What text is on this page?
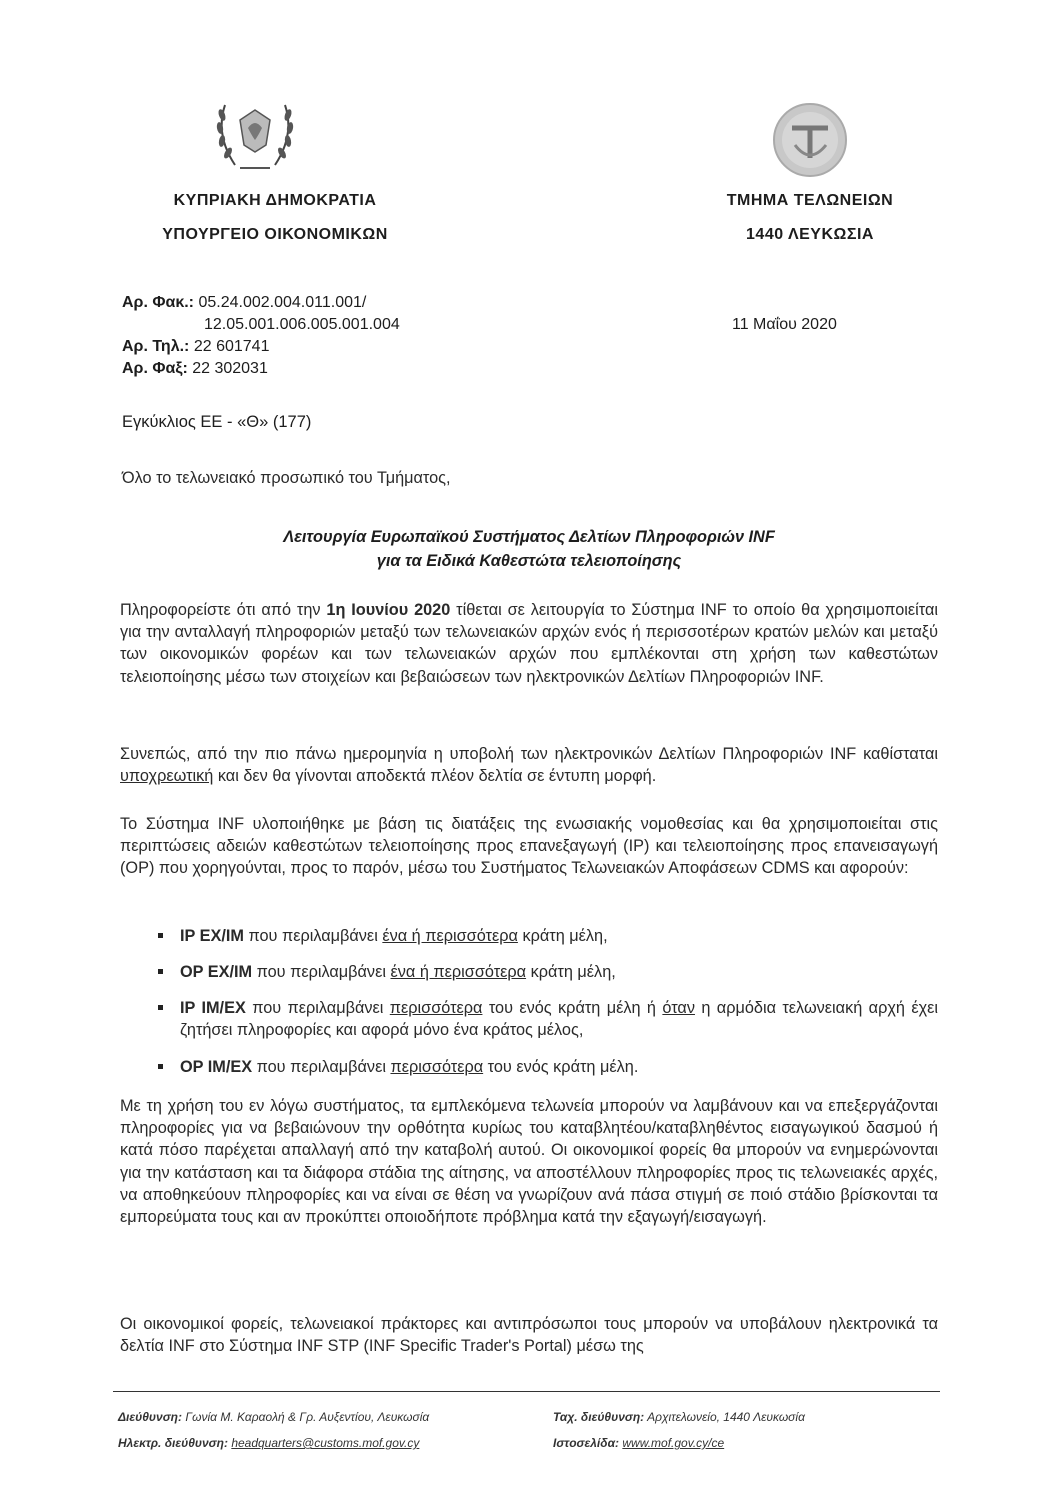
ΚΥΠΡΙΑΚΗ ΔΗΜΟΚΡΑΤΙΑ
ΥΠΟΥΡΓΕΙΟ ΟΙΚΟΝΟΜΙΚΩΝ
ΤΜΗΜΑ ΤΕΛΩΝΕΙΩΝ
1440 ΛΕΥΚΩΣΙΑ
Αρ. Φακ.: 05.24.002.004.011.001/
12.05.001.006.005.001.004
Αρ. Τηλ.: 22 601741
Αρ. Φαξ: 22 302031
11 Μαΐου 2020
Εγκύκλιος ΕΕ - «Θ» (177)
Όλο το τελωνειακό προσωπικό του Τμήματος,
Λειτουργία Ευρωπαϊκού Συστήματος Δελτίων Πληροφοριών INF
για τα Ειδικά Καθεστώτα τελειοποίησης

Πληροφορείστε ότι από την 1η Ιουνίου 2020 τίθεται σε λειτουργία το Σύστημα INF το οποίο θα χρησιμοποιείται για την ανταλλαγή πληροφοριών μεταξύ των τελωνειακών αρχών ενός ή περισσοτέρων κρατών μελών και μεταξύ των οικονομικών φορέων και των τελωνειακών αρχών που εμπλέκονται στη χρήση των καθεστώτων τελειοποίησης μέσω των στοιχείων και βεβαιώσεων των ηλεκτρονικών Δελτίων Πληροφοριών INF.

Συνεπώς, από την πιο πάνω ημερομηνία η υποβολή των ηλεκτρονικών Δελτίων Πληροφοριών INF καθίσταται υποχρεωτική και δεν θα γίνονται αποδεκτά πλέον δελτία σε έντυπη μορφή.

Το Σύστημα INF υλοποιήθηκε με βάση τις διατάξεις της ενωσιακής νομοθεσίας και θα χρησιμοποιείται στις περιπτώσεις αδειών καθεστώτων τελειοποίησης προς επανεξαγωγή (IP) και τελειοποίησης προς επανεισαγωγή (OP) που χορηγούνται, προς το παρόν, μέσω του Συστήματος Τελωνειακών Αποφάσεων CDMS και αφορούν:

IP EX/IM που περιλαμβάνει ένα ή περισσότερα κράτη μέλη,
OP EX/IM που περιλαμβάνει ένα ή περισσότερα κράτη μέλη,
IP IM/EX που περιλαμβάνει περισσότερα του ενός κράτη μέλη ή όταν η αρμόδια τελωνειακή αρχή έχει ζητήσει πληροφορίες και αφορά μόνο ένα κράτος μέλος,
OP IM/EX που περιλαμβάνει περισσότερα του ενός κράτη μέλη.

Με τη χρήση του εν λόγω συστήματος, τα εμπλεκόμενα τελωνεία μπορούν να λαμβάνουν και να επεξεργάζονται πληροφορίες για να βεβαιώνουν την ορθότητα κυρίως του καταβλητέου/καταβληθέντος εισαγωγικού δασμού ή κατά πόσο παρέχεται απαλλαγή από την καταβολή αυτού. Οι οικονομικοί φορείς θα μπορούν να ενημερώνονται για την κατάσταση και τα διάφορα στάδια της αίτησης, να αποστέλλουν πληροφορίες προς τις τελωνειακές αρχές, να αποθηκεύουν πληροφορίες και να είναι σε θέση να γνωρίζουν ανά πάσα στιγμή σε ποιό στάδιο βρίσκονται τα εμπορεύματα τους και αν προκύπτει οποιοδήποτε πρόβλημα κατά την εξαγωγή/εισαγωγή.

Οι οικονομικοί φορείς, τελωνειακοί πράκτορες και αντιπρόσωποι τους μπορούν να υποβάλουν ηλεκτρονικά τα δελτία INF στο Σύστημα INF STP (INF Specific Trader's Portal) μέσω της

Διεύθυνση: Γωνία Μ. Καραολή & Γρ. Αυξεντίου, Λευκωσία	Ταχ. διεύθυνση: Αρχιτελωνείο, 1440 Λευκωσία
Ηλεκτρ. διεύθυνση: headquarters@customs.mof.gov.cy	Ιστοσελίδα: www.mof.gov.cy/ce
